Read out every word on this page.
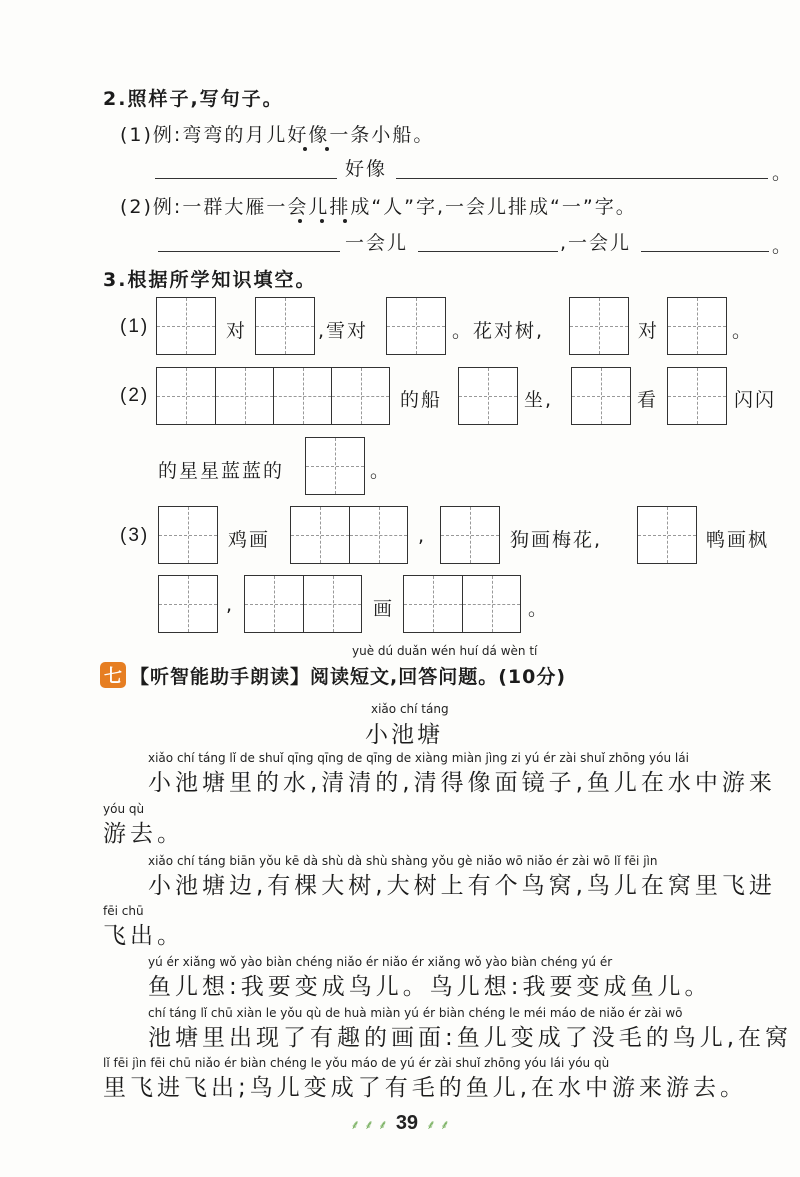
2.照样子,写句子。
(1)例:弯弯的月儿好像一条小船。
好像	。
(2)例:一群大雁一会儿排成“人”字,一会儿排成“一”字。
一会儿	,一会儿	。
3.根据所学知识填空。
(1)	对	,雪对	。花对树,	对	。
(2)	的船	坐,	看	闪闪
的星星蓝蓝的	。
(3)	鸡画	,	狗画梅花,	鸭画枫
,	画	。
七
yuè dú duǎn wén huí dá wèn tí
【听智能助手朗读】阅读短文,回答问题。(10分)
xiǎo chí táng
小池塘
xiǎo chí táng lǐ de shuǐ qīng qīng de qīng de xiàng miàn jìng zi yú ér zài shuǐ zhōng yóu lái
小池塘里的水,清清的,清得像面镜子,鱼儿在水中游来
yóu qù
游去。
xiǎo chí táng biān yǒu kē dà shù dà shù shàng yǒu gè niǎo wō niǎo ér zài wō lǐ fēi jìn
小池塘边,有棵大树,大树上有个鸟窝,鸟儿在窝里飞进
fēi chū
飞出。
yú ér xiǎng wǒ yào biàn chéng niǎo ér niǎo ér xiǎng wǒ yào biàn chéng yú ér
鱼儿想:我要变成鸟儿。鸟儿想:我要变成鱼儿。
chí táng lǐ chū xiàn le yǒu qù de huà miàn yú ér biàn chéng le méi máo de niǎo ér zài wō
池塘里出现了有趣的画面:鱼儿变成了没毛的鸟儿,在窝
lǐ fēi jìn fēi chū niǎo ér biàn chéng le yǒu máo de yú ér zài shuǐ zhōng yóu lái yóu qù
里飞进飞出;鸟儿变成了有毛的鱼儿,在水中游来游去。
⸙ ⸙ ⸙ 39 ⸙ ⸙
